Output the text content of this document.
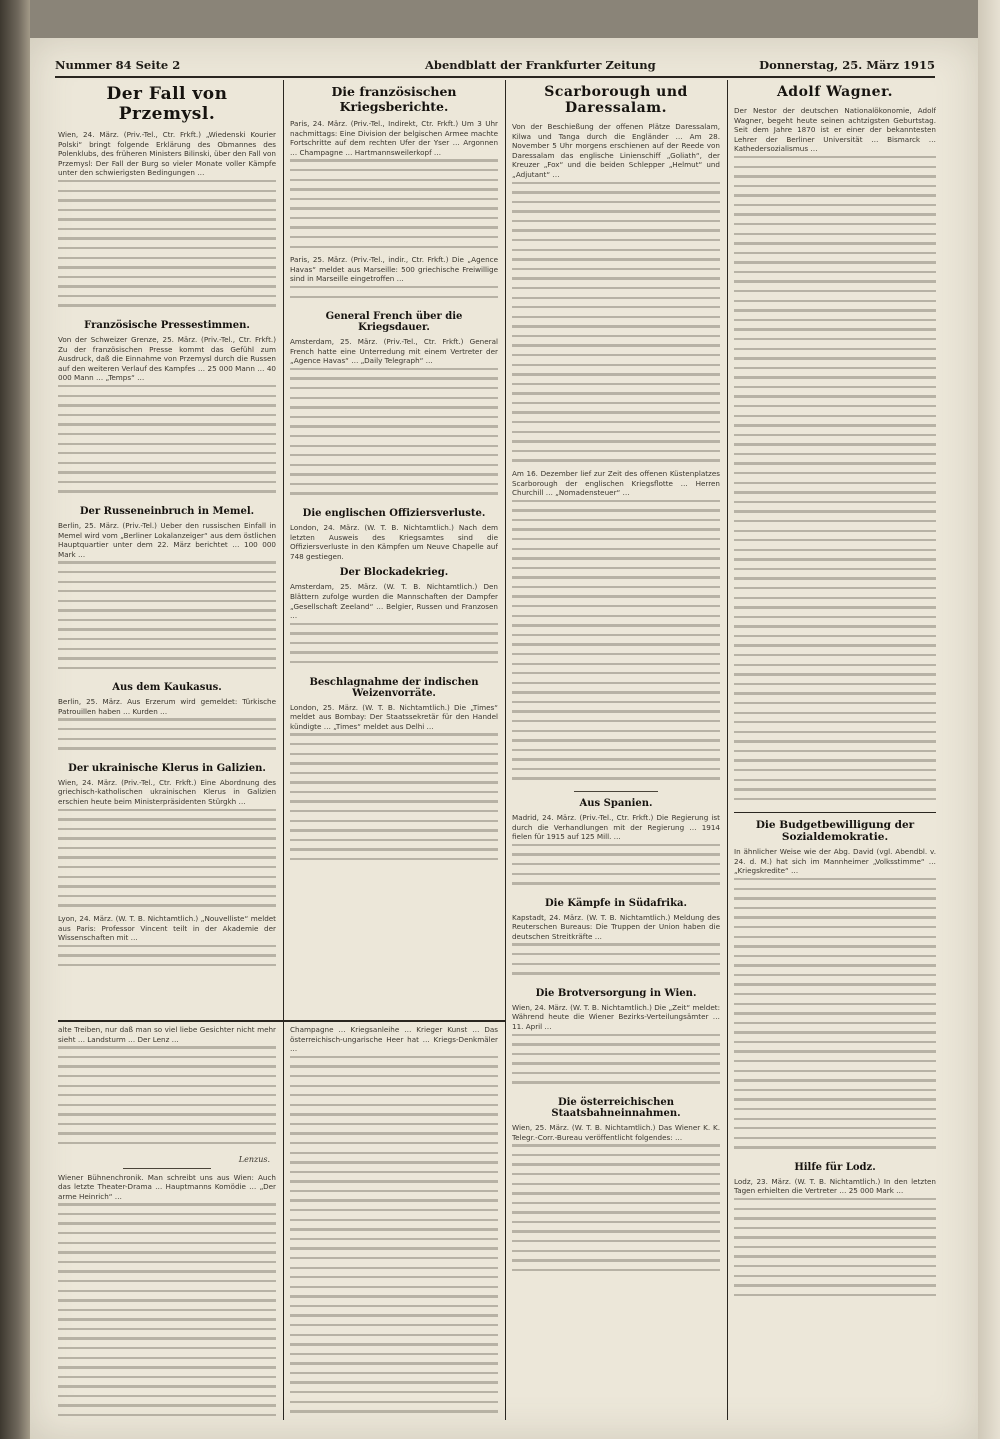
Nummer 84 Seite 2	Abendblatt der Frankfurter Zeitung	Donnerstag, 25. März 1915
Der Fall von Przemysl.

Wien, 24. März. (Priv.-Tel., Ctr. Frkft.) „Wiedenski Kourier Polski“ bringt folgende Erklärung des Obmannes des Polenklubs, des früheren Ministers Bilinski, über den Fall von Przemysl: Der Fall der Burg so vieler Monate voller Kämpfe unter den schwierigsten Bedingungen …

Französische Pressestimmen.

Von der Schweizer Grenze, 25. März. (Priv.-Tel., Ctr. Frkft.) Zu der französischen Presse kommt das Gefühl zum Ausdruck, daß die Einnahme von Przemysl durch die Russen auf den weiteren Verlauf des Kampfes … 25 000 Mann … 40 000 Mann … „Temps“ …

Der Russeneinbruch in Memel.

Berlin, 25. März. (Priv.-Tel.) Ueber den russischen Einfall in Memel wird vom „Berliner Lokalanzeiger“ aus dem östlichen Hauptquartier unter dem 22. März berichtet … 100 000 Mark …

Aus dem Kaukasus.

Berlin, 25. März. Aus Erzerum wird gemeldet: Türkische Patrouillen haben … Kurden …

Der ukrainische Klerus in Galizien.

Wien, 24. März. (Priv.-Tel., Ctr. Frkft.) Eine Abordnung des griechisch-katholischen ukrainischen Klerus in Galizien erschien heute beim Ministerpräsidenten Stürgkh …

Lyon, 24. März. (W. T. B. Nichtamtlich.) „Nouvelliste“ meldet aus Paris: Professor Vincent teilt in der Akademie der Wissenschaften mit …

alte Treiben, nur daß man so viel liebe Gesichter nicht mehr sieht … Landsturm … Der Lenz …

Lenzus.

Wiener Bühnenchronik. Man schreibt uns aus Wien: Auch das letzte Theater-Drama … Hauptmanns Komödie … „Der arme Heinrich“ …

Die französischen Kriegsberichte.

Paris, 24. März. (Priv.-Tel., Indirekt, Ctr. Frkft.) Um 3 Uhr nachmittags: Eine Division der belgischen Armee machte Fortschritte auf dem rechten Ufer der Yser … Argonnen … Champagne … Hartmannsweilerkopf …

Paris, 25. März. (Priv.-Tel., indir., Ctr. Frkft.) Die „Agence Havas“ meldet aus Marseille: 500 griechische Freiwillige sind in Marseille eingetroffen …

General French über die Kriegsdauer.

Amsterdam, 25. März. (Priv.-Tel., Ctr. Frkft.) General French hatte eine Unterredung mit einem Vertreter der „Agence Havas“ … „Daily Telegraph“ …

Die englischen Offiziersverluste.

London, 24. März. (W. T. B. Nichtamtlich.) Nach dem letzten Ausweis des Kriegsamtes sind die Offiziersverluste in den Kämpfen um Neuve Chapelle auf 748 gestiegen.

Der Blockadekrieg.

Amsterdam, 25. März. (W. T. B. Nichtamtlich.) Den Blättern zufolge wurden die Mannschaften der Dampfer „Gesellschaft Zeeland“ … Belgier, Russen und Franzosen …

Beschlagnahme der indischen Weizenvorräte.

London, 25. März. (W. T. B. Nichtamtlich.) Die „Times“ meldet aus Bombay: Der Staatssekretär für den Handel kündigte … „Times“ meldet aus Delhi …

Champagne … Kriegsanleihe … Krieger Kunst … Das österreichisch-ungarische Heer hat … Kriegs-Denkmäler …

Scarborough und Daressalam.

Von der Beschießung der offenen Plätze Daressalam, Kilwa und Tanga durch die Engländer … Am 28. November 5 Uhr morgens erschienen auf der Reede von Daressalam das englische Linienschiff „Goliath“, der Kreuzer „Fox“ und die beiden Schlepper „Helmut“ und „Adjutant“ …

Am 16. Dezember lief zur Zeit des offenen Küstenplatzes Scarborough der englischen Kriegsflotte … Herren Churchill … „Nomadensteuer“ …

Aus Spanien.

Madrid, 24. März. (Priv.-Tel., Ctr. Frkft.) Die Regierung ist durch die Verhandlungen mit der Regierung … 1914 fielen für 1915 auf 125 Mill. …

Die Kämpfe in Südafrika.

Kapstadt, 24. März. (W. T. B. Nichtamtlich.) Meldung des Reuterschen Bureaus: Die Truppen der Union haben die deutschen Streitkräfte …

Die Brotversorgung in Wien.

Wien, 24. März. (W. T. B. Nichtamtlich.) Die „Zeit“ meldet: Während heute die Wiener Bezirks-Verteilungsämter … 11. April …

Die österreichischen Staatsbahneinnahmen.

Wien, 25. März. (W. T. B. Nichtamtlich.) Das Wiener K. K. Telegr.-Corr.-Bureau veröffentlicht folgendes: …

Adolf Wagner.

Der Nestor der deutschen Nationalökonomie, Adolf Wagner, begeht heute seinen achtzigsten Geburtstag. Seit dem Jahre 1870 ist er einer der bekanntesten Lehrer der Berliner Universität … Bismarck … Kathedersozialismus …

Die Budgetbewilligung der Sozialdemokratie.

In ähnlicher Weise wie der Abg. David (vgl. Abendbl. v. 24. d. M.) hat sich im Mannheimer „Volksstimme“ … „Kriegskredite“ …

Hilfe für Lodz.

Lodz, 23. März. (W. T. B. Nichtamtlich.) In den letzten Tagen erhielten die Vertreter … 25 000 Mark …
